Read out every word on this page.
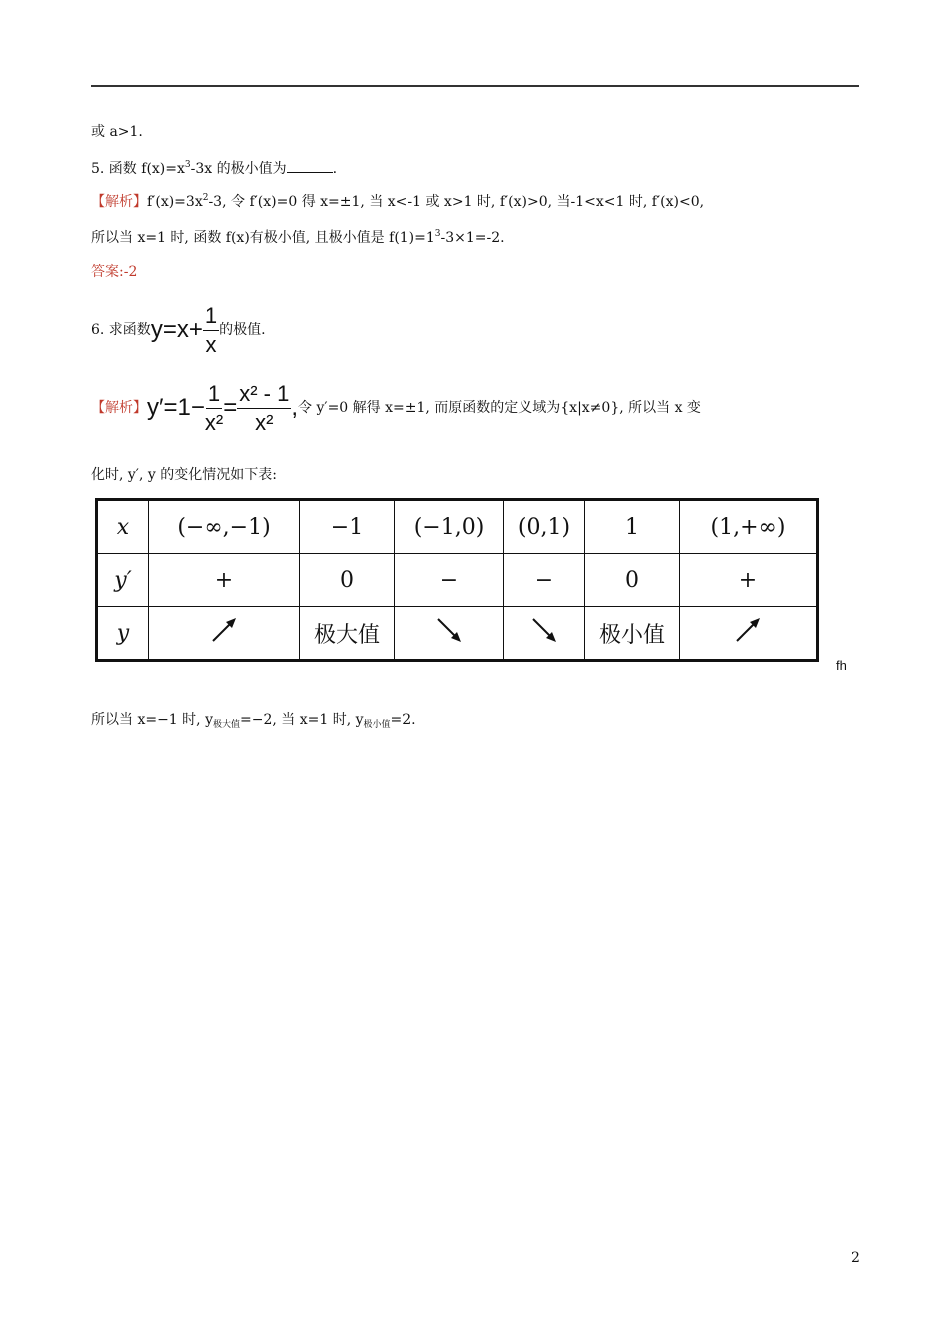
或 a>1.
5. 函数 $f(x)=x^3-3x$ 的极小值为	.
【解析】$f'(x)=3x^2-3$, 令 f′(x)=0 得 x=±1, 当 x<-1 或 x>1 时, f′(x)>0, 当-1<x<1 时, f′(x)<0,
所以当 x=1 时, 函数 f(x)有极小值, 且极小值是 $f(1)=1^3-3\times 1=-2$.
答案:-2
6. 求函数$y=x+ \frac{1}{x}$ 的极值.
【解析】$y'=1- \frac{1}{\text{x²}} = \frac{\text{x² - 1}}{\text{x²}}$ ,令 y′=0 解得 x=±1, 而原函数的定义域为{x|x≠0}, 所以当 x 变
化时, y′, y 的变化情况如下表:
x	(−∞,−1)	−1	(−1,0)	(0,1)	1	(1,+∞)
y′	+	0	−	−	0	+
y		极大值			极小值	
fh
所以当 x=−1 时, $y_{极大值}=-2$, 当 x=1 时, $y_{极小值}=2$.
2
